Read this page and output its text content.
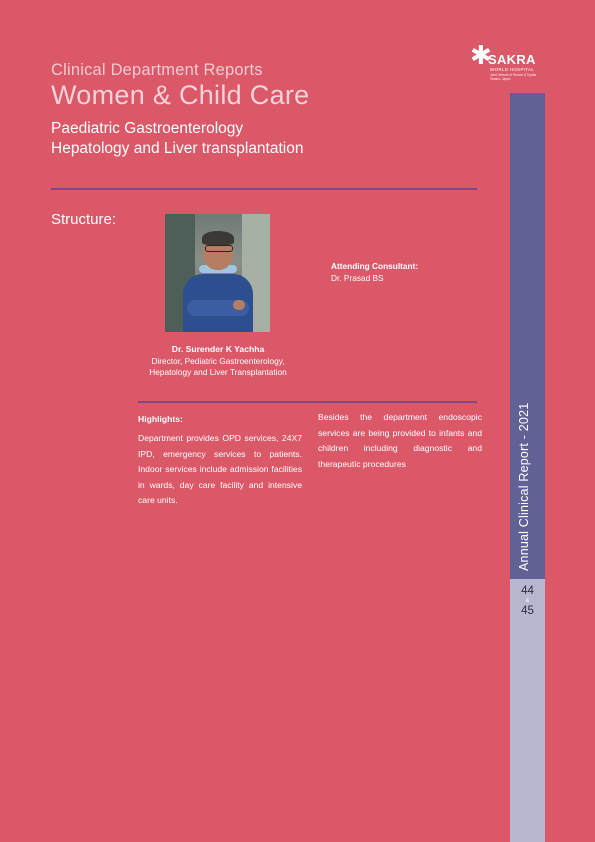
Clinical Department Reports
Women & Child Care
Paediatric Gastroenterology
Hepatology and Liver transplantation
✱
SAKRA
WORLD HOSPITAL
Joint Venture of Secom & Toyota Tsusho, Japan
Structure:
Dr. Surender K Yachha
Director, Pediatric Gastroenterology, Hepatology and Liver Transplantation
Attending Consultant:
Dr. Prasad BS
Highlights:
Department provides OPD services, 24X7 IPD, emergency services to patients. Indoor services include admission facilities in wards, day care facility and intensive care units.
Besides the department endoscopic services are being provided to infants and children including diagnostic and therapeutic procedures	Annual Clinical Report - 2021
44
&
45
